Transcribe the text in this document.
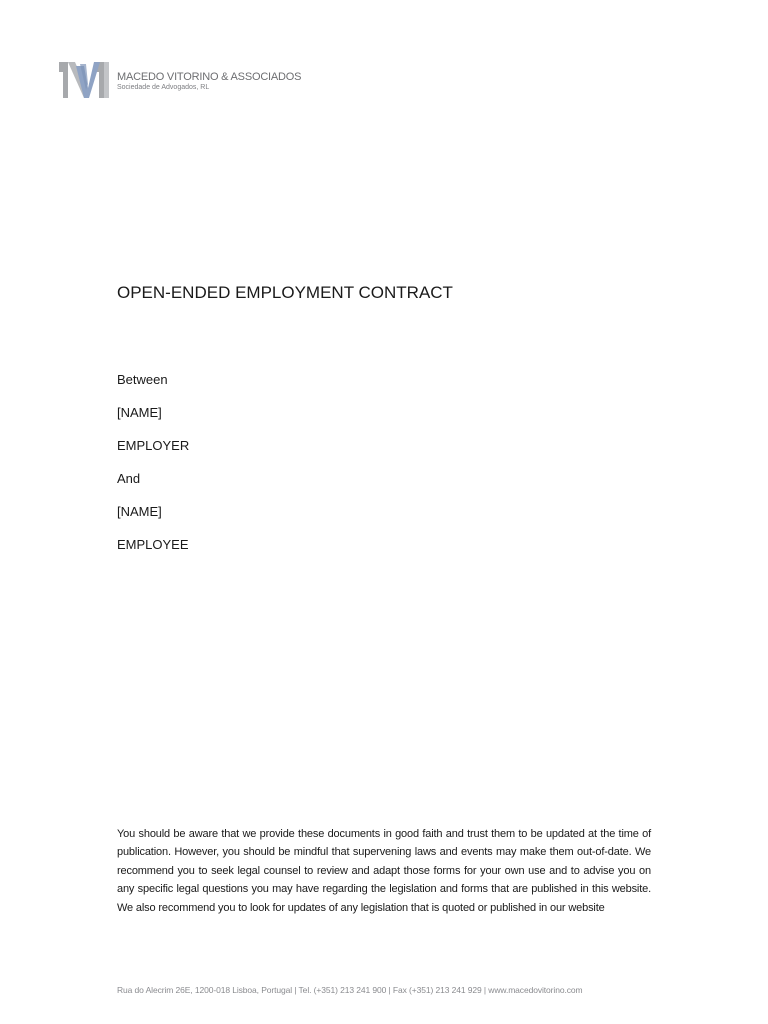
MACEDO VITORINO & ASSOCIADOS
Sociedade de Advogados, RL
OPEN-ENDED EMPLOYMENT CONTRACT
Between
[NAME]
EMPLOYER
And
[NAME]
EMPLOYEE

You should be aware that we provide these documents in good faith and trust them to be updated at the time of publication. However, you should be mindful that supervening laws and events may make them out-of-date. We recommend you to seek legal counsel to review and adapt those forms for your own use and to advise you on any specific legal questions you may have regarding the legislation and forms that are published in this website. We also recommend you to look for updates of any legislation that is quoted or published in our website

Rua do Alecrim 26E, 1200-018 Lisboa, Portugal | Tel. (+351) 213 241 900 | Fax (+351) 213 241 929 | www.macedovitorino.com
